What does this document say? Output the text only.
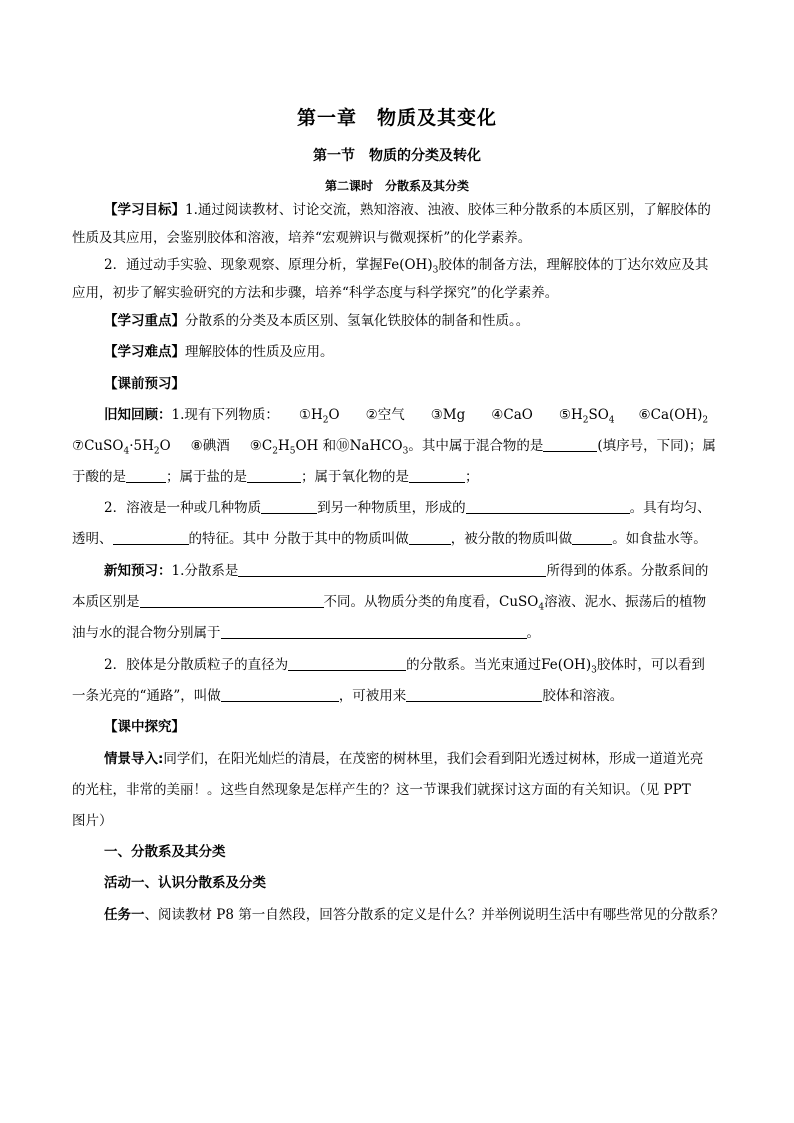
第一章　物质及其变化
第一节　物质的分类及转化
第二课时　分散系及其分类
【学习目标】1.通过阅读教材、讨论交流，熟知溶液、浊液、胶体三种分散系的本质区别，了解胶体的
性质及其应用，会鉴别胶体和溶液，培养“宏观辨识与微观探析”的化学素养。
2．通过动手实验、现象观察、原理分析，掌握$Fe(OH)_3$胶体的制备方法，理解胶体的丁达尔效应及其
应用，初步了解实验研究的方法和步骤，培养“科学态度与科学探究”的化学素养。
【学习重点】分散系的分类及本质区别、氢氧化铁胶体的制备和性质。。
【学习难点】理解胶体的性质及应用。
【课前预习】
旧知回顾：1.现有下列物质： $①H_2O$ ②空气 ③Mg ④CaO $⑤H_2SO_4$ $⑥Ca(OH)_2$
$⑦CuSO_4\cdot 5H_2O$ ⑧碘酒 $⑨C_2H_5OH$ 和⑩NaHCO$_3$。其中属于混合物的是	(填序号，下同)；属
于酸的是	；属于盐的是	；属于氧化物的是	；
2．溶液是一种或几种物质	到另一种物质里，形成的	。具有均匀、
透明、	的特征。其中 分散于其中的物质叫做	，被分散的物质叫做	。如食盐水等。
新知预习：1.分散系是	所得到的体系。分散系间的
本质区别是	不同。从物质分类的角度看，CuSO$_4$溶液、泥水、振荡后的植物
油与水的混合物分别属于	。
2．胶体是分散质粒子的直径为	的分散系。当光束通过$Fe(OH)_3$胶体时，可以看到
一条光亮的“通路”，叫做	，可被用来	胶体和溶液。
【课中探究】
情景导入:同学们，在阳光灿烂的清晨，在茂密的树林里，我们会看到阳光透过树林，形成一道道光亮
的光柱，非常的美丽！。这些自然现象是怎样产生的？这一节课我们就探讨这方面的有关知识。（见 PPT
图片）
一、分散系及其分类
活动一、认识分散系及分类
任务一、阅读教材 P8 第一自然段，回答分散系的定义是什么？并举例说明生活中有哪些常见的分散系？
